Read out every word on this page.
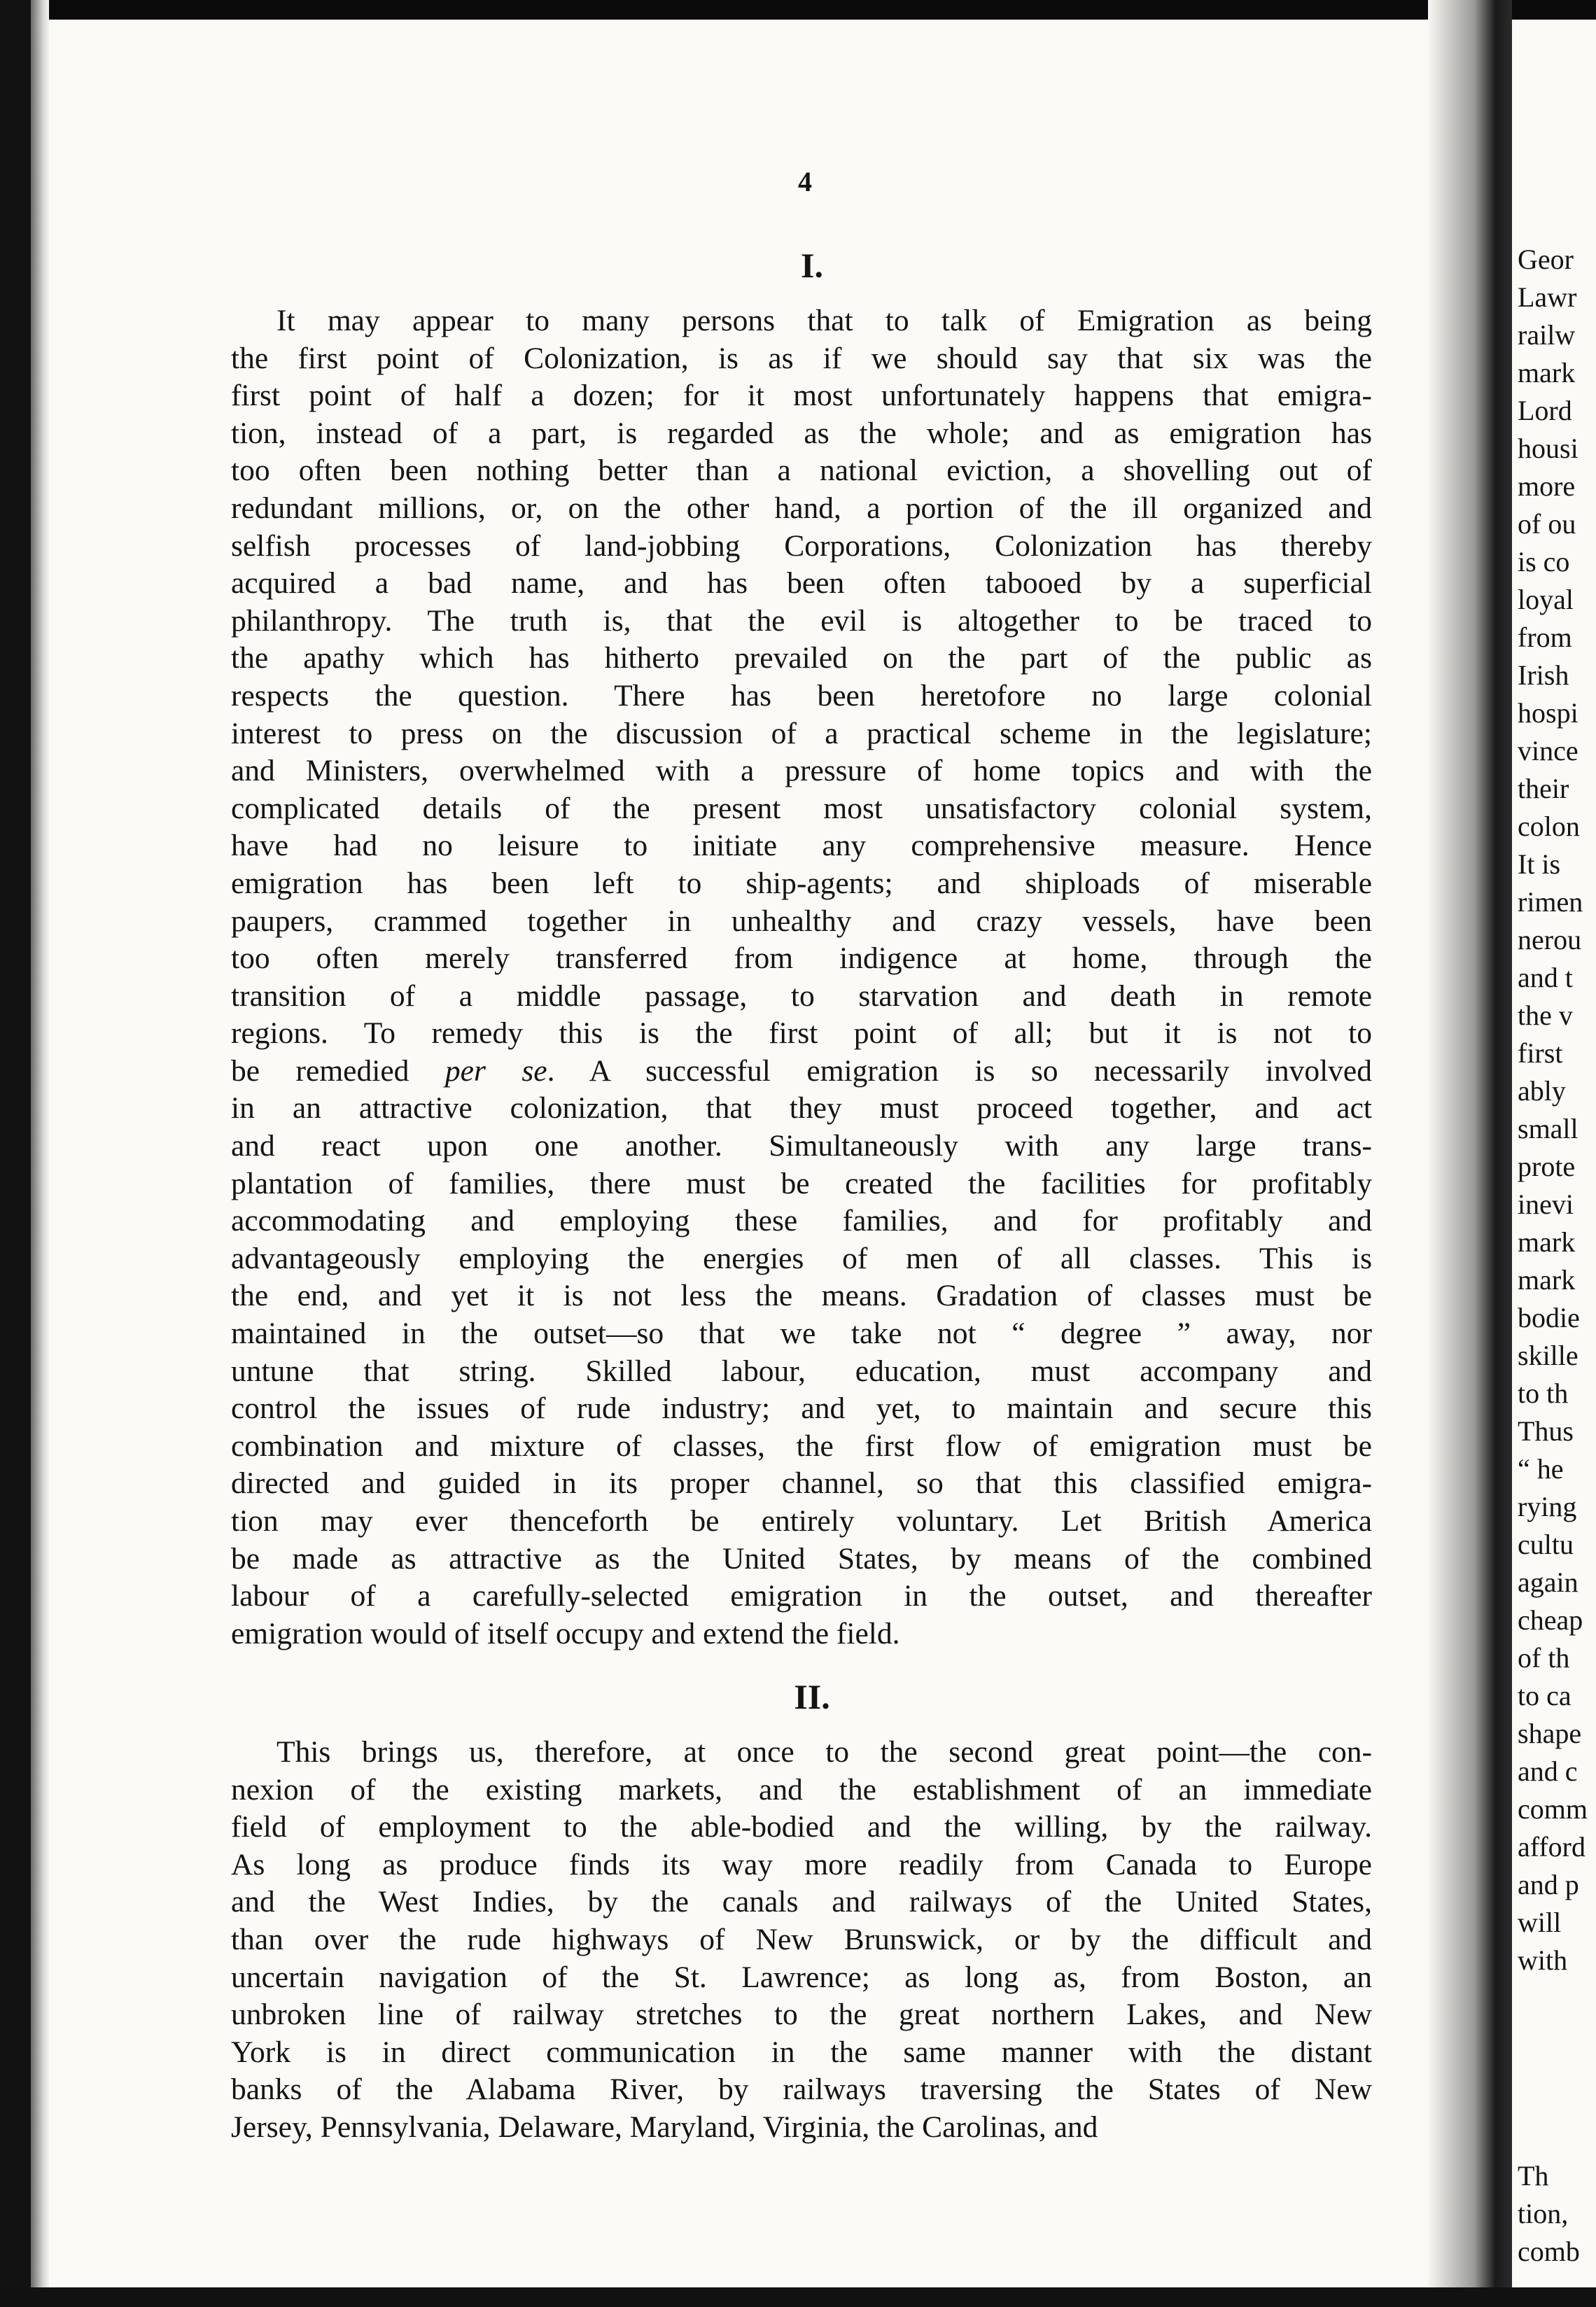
4
I.
It may appear to many persons that to talk of Emigration as being
the first point of Colonization, is as if we should say that six was the
first point of half a dozen; for it most unfortunately happens that emigra-
tion, instead of a part, is regarded as the whole; and as emigration has
too often been nothing better than a national eviction, a shovelling out of
redundant millions, or, on the other hand, a portion of the ill organized and
selfish processes of land-jobbing Corporations, Colonization has thereby
acquired a bad name, and has been often tabooed by a superficial
philanthropy. The truth is, that the evil is altogether to be traced to
the apathy which has hitherto prevailed on the part of the public as
respects the question. There has been heretofore no large colonial
interest to press on the discussion of a practical scheme in the legislature;
and Ministers, overwhelmed with a pressure of home topics and with the
complicated details of the present most unsatisfactory colonial system,
have had no leisure to initiate any comprehensive measure. Hence
emigration has been left to ship-agents; and shiploads of miserable
paupers, crammed together in unhealthy and crazy vessels, have been
too often merely transferred from indigence at home, through the
transition of a middle passage, to starvation and death in remote
regions. To remedy this is the first point of all; but it is not to
be remedied per se. A successful emigration is so necessarily involved
in an attractive colonization, that they must proceed together, and act
and react upon one another. Simultaneously with any large trans-
plantation of families, there must be created the facilities for profitably
accommodating and employing these families, and for profitably and
advantageously employing the energies of men of all classes. This is
the end, and yet it is not less the means. Gradation of classes must be
maintained in the outset—so that we take not “ degree ” away, nor
untune that string. Skilled labour, education, must accompany and
control the issues of rude industry; and yet, to maintain and secure this
combination and mixture of classes, the first flow of emigration must be
directed and guided in its proper channel, so that this classified emigra-
tion may ever thenceforth be entirely voluntary. Let British America
be made as attractive as the United States, by means of the combined
labour of a carefully-selected emigration in the outset, and thereafter
emigration would of itself occupy and extend the field.
II.
This brings us, therefore, at once to the second great point—the con-
nexion of the existing markets, and the establishment of an immediate
field of employment to the able-bodied and the willing, by the railway.
As long as produce finds its way more readily from Canada to Europe
and the West Indies, by the canals and railways of the United States,
than over the rude highways of New Brunswick, or by the difficult and
uncertain navigation of the St. Lawrence; as long as, from Boston, an
unbroken line of railway stretches to the great northern Lakes, and New
York is in direct communication in the same manner with the distant
banks of the Alabama River, by railways traversing the States of New
Jersey, Pennsylvania, Delaware, Maryland, Virginia, the Carolinas, and
Geor
Lawr
railw
mark
Lord
housi
more
of ou
is co
loyal
from
Irish
hospi
vince
their
colon
It is
rimen
nerou
and t
the v
first
ably
small
prote
inevi
mark
mark
bodie
skille
to th
Thus
“ he
rying
cultu
again
cheap
of th
to ca
shape
and c
comm
afford
and p
will
with
Th
tion,
comb
